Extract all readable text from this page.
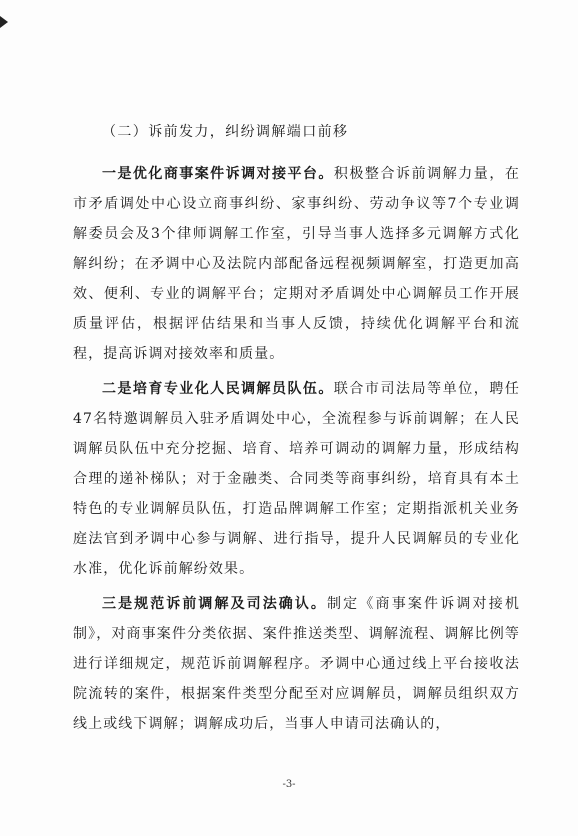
（二）诉前发力，纠纷调解端口前移

一是优化商事案件诉调对接平台。积极整合诉前调解力量，在市矛盾调处中心设立商事纠纷、家事纠纷、劳动争议等7个专业调解委员会及3个律师调解工作室，引导当事人选择多元调解方式化解纠纷；在矛调中心及法院内部配备远程视频调解室，打造更加高效、便利、专业的调解平台；定期对矛盾调处中心调解员工作开展质量评估，根据评估结果和当事人反馈，持续优化调解平台和流程，提高诉调对接效率和质量。

二是培育专业化人民调解员队伍。联合市司法局等单位，聘任47名特邀调解员入驻矛盾调处中心，全流程参与诉前调解；在人民调解员队伍中充分挖掘、培育、培养可调动的调解力量，形成结构合理的递补梯队；对于金融类、合同类等商事纠纷，培育具有本土特色的专业调解员队伍，打造品牌调解工作室；定期指派机关业务庭法官到矛调中心参与调解、进行指导，提升人民调解员的专业化水准，优化诉前解纷效果。

三是规范诉前调解及司法确认。制定《商事案件诉调对接机制》，对商事案件分类依据、案件推送类型、调解流程、调解比例等进行详细规定，规范诉前调解程序。矛调中心通过线上平台接收法院流转的案件，根据案件类型分配至对应调解员，调解员组织双方线上或线下调解；调解成功后，当事人申请司法确认的，

-3-
